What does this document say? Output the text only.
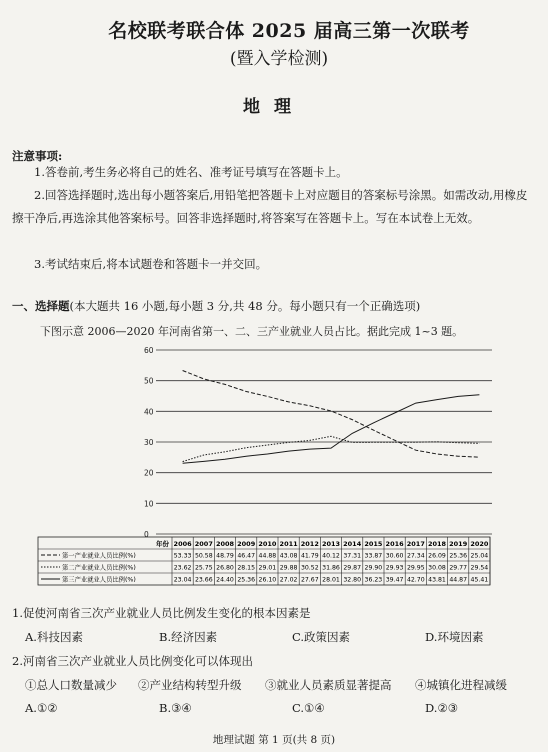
名校联考联合体 2025 届高三第一次联考
(暨入学检测)
地理
注意事项:
1.答卷前,考生务必将自己的姓名、准考证号填写在答题卡上。
2.回答选择题时,选出每小题答案后,用铅笔把答题卡上对应题目的答案标号涂黑。如需改动,用橡皮擦干净后,再选涂其他答案标号。回答非选择题时,将答案写在答题卡上。写在本试卷上无效。
3.考试结束后,将本试题卷和答题卡一并交回。
一、选择题(本大题共 16 小题,每小题 3 分,共 48 分。每小题只有一个正确选项)
下图示意 2006—2020 年河南省第一、二、三产业就业人员占比。据此完成 1~3 题。
0
10
20
30
40
50
60
年份 2006 2007 2008 2009 2010 2011 2012 2013 2014 2015 2016 2017 2018 2019 2020
第一产业就业人员比例(%)	53.33 50.58 48.79 46.47 44.88 43.08 41.79 40.12 37.31 33.87 30.60 27.34 26.09 25.36 25.04
第二产业就业人员比例(%)	23.62 25.75 26.80 28.15 29.01 29.88 30.52 31.86 29.87 29.90 29.93 29.95 30.08 29.77 29.54
第三产业就业人员比例(%)	23.04 23.66 24.40 25.36 26.10 27.02 27.67 28.01 32.80 36.23 39.47 42.70 43.81 44.87 45.41
1.促使河南省三次产业就业人员比例发生变化的根本因素是
A.科技因素	B.经济因素	C.政策因素	D.环境因素
2.河南省三次产业就业人员比例变化可以体现出
①总人口数量减少 ②产业结构转型升级 ③就业人员素质显著提高 ④城镇化进程减缓
A.①②	B.③④	C.①④	D.②③
地理试题 第 1 页(共 8 页)
